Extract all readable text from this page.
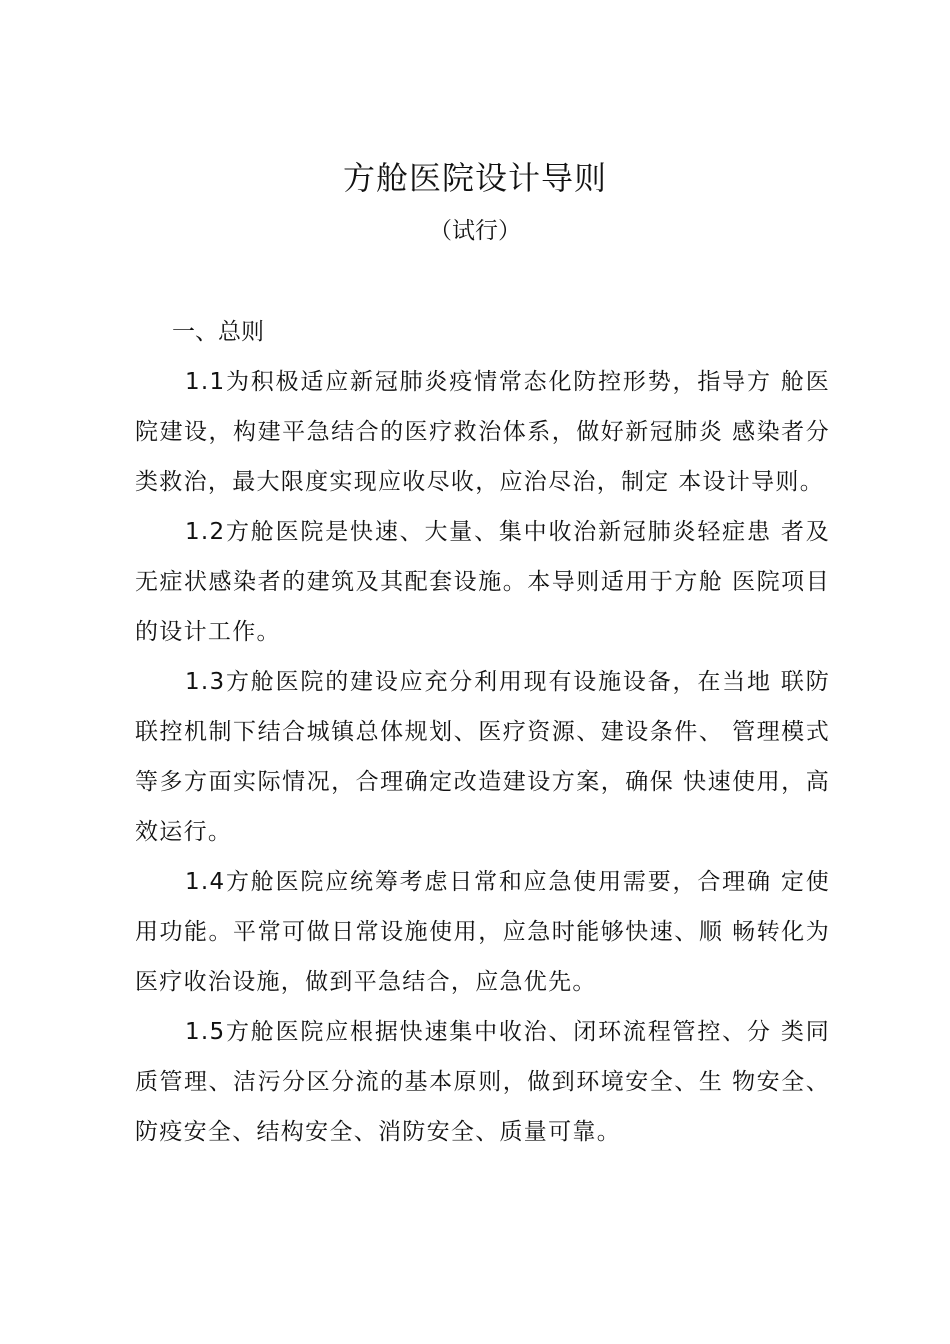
方舱医院设计导则
（试行）

一、总则

1.1为积极适应新冠肺炎疫情常态化防控形势，指导方 舱医院建设，构建平急结合的医疗救治体系，做好新冠肺炎 感染者分类救治，最大限度实现应收尽收，应治尽治，制定 本设计导则。

1.2方舱医院是快速、大量、集中收治新冠肺炎轻症患 者及无症状感染者的建筑及其配套设施。本导则适用于方舱 医院项目的设计工作。

1.3方舱医院的建设应充分利用现有设施设备，在当地 联防联控机制下结合城镇总体规划、医疗资源、建设条件、 管理模式等多方面实际情况，合理确定改造建设方案，确保 快速使用，高效运行。

1.4方舱医院应统筹考虑日常和应急使用需要，合理确 定使用功能。平常可做日常设施使用，应急时能够快速、顺 畅转化为医疗收治设施，做到平急结合，应急优先。

1.5方舱医院应根据快速集中收治、闭环流程管控、分 类同质管理、洁污分区分流的基本原则，做到环境安全、生 物安全、防疫安全、结构安全、消防安全、质量可靠。
